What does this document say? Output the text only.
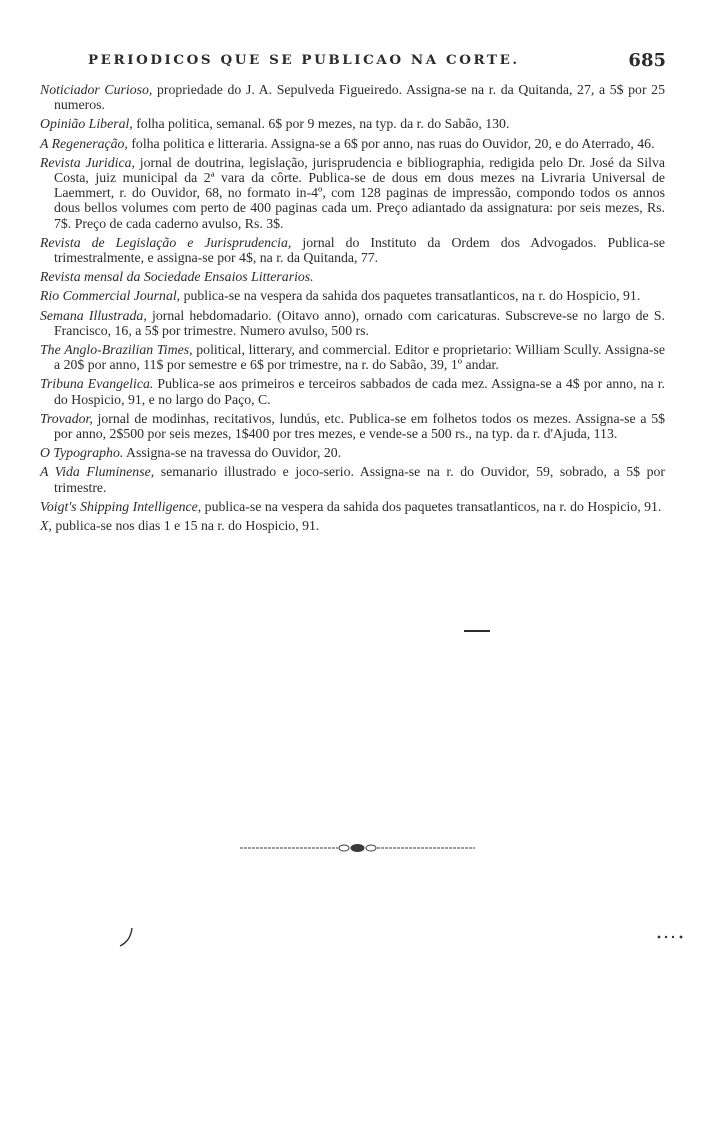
PERIODICOS QUE SE PUBLICAO NA CORTE.	685

Noticiador Curioso, propriedade do J. A. Sepulveda Figueiredo. Assigna-se na r. da Quitanda, 27, a 5$ por 25 numeros.

Opinião Liberal, folha politica, semanal. 6$ por 9 mezes, na typ. da r. do Sabão, 130.

A Regeneração, folha politica e litteraria. Assigna-se a 6$ por anno, nas ruas do Ouvidor, 20, e do Aterrado, 46.

Revista Juridica, jornal de doutrina, legislação, jurisprudencia e bibliographia, redigida pelo Dr. José da Silva Costa, juiz municipal da 2ª vara da côrte. Publica-se de dous em dous mezes na Livraria Universal de Laemmert, r. do Ouvidor, 68, no formato in-4º, com 128 paginas de impressão, compondo todos os annos dous bellos volumes com perto de 400 paginas cada um. Preço adiantado da assignatura: por seis mezes, Rs. 7$. Preço de cada caderno avulso, Rs. 3$.

Revista de Legislação e Jurisprudencia, jornal do Instituto da Ordem dos Advogados. Publica-se trimestralmente, e assigna-se por 4$, na r. da Quitanda, 77.

Revista mensal da Sociedade Ensaios Litterarios.

Rio Commercial Journal, publica-se na vespera da sahida dos paquetes transatlanticos, na r. do Hospicio, 91.

Semana Illustrada, jornal hebdomadario. (Oitavo anno), ornado com caricaturas. Subscreve-se no largo de S. Francisco, 16, a 5$ por trimestre. Numero avulso, 500 rs.

The Anglo-Brazilian Times, political, litterary, and commercial. Editor e proprietario: William Scully. Assigna-se a 20$ por anno, 11$ por semestre e 6$ por trimestre, na r. do Sabão, 39, 1º andar.

Tribuna Evangelica. Publica-se aos primeiros e terceiros sabbados de cada mez. Assigna-se a 4$ por anno, na r. do Hospicio, 91, e no largo do Paço, C.

Trovador, jornal de modinhas, recitativos, lundús, etc. Publica-se em folhetos todos os mezes. Assigna-se a 5$ por anno, 2$500 por seis mezes, 1$400 por tres mezes, e vende-se a 500 rs., na typ. da r. d'Ajuda, 113.

O Typographo. Assigna-se na travessa do Ouvidor, 20.

A Vida Fluminense, semanario illustrado e joco-serio. Assigna-se na r. do Ouvidor, 59, sobrado, a 5$ por trimestre.

Voigt's Shipping Intelligence, publica-se na vespera da sahida dos paquetes transatlanticos, na r. do Hospicio, 91.

X, publica-se nos dias 1 e 15 na r. do Hospicio, 91.
